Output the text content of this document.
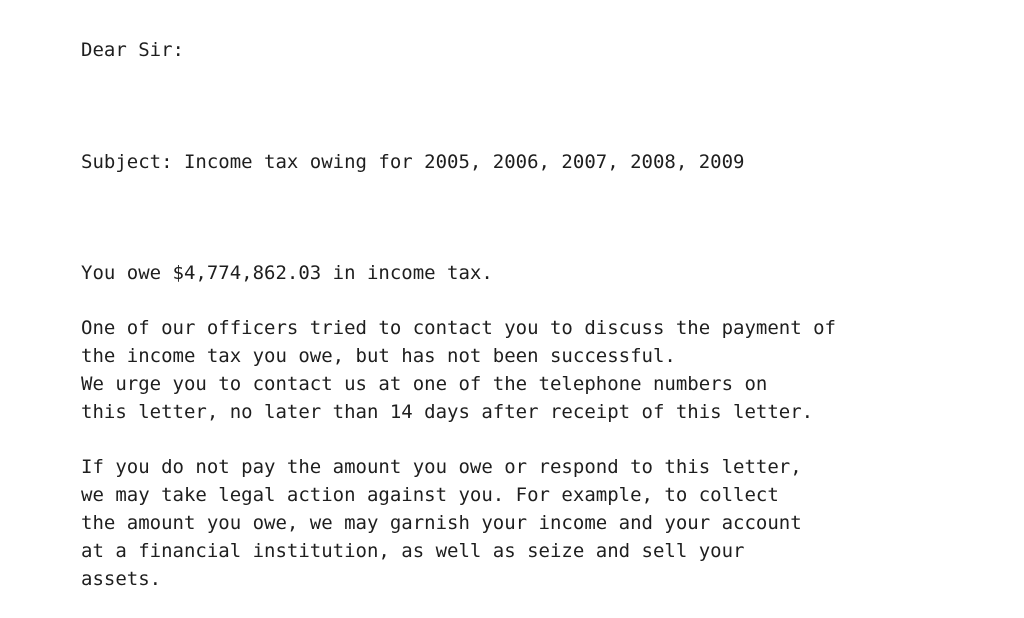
Dear Sir:
Subject: Income tax owing for 2005, 2006, 2007, 2008, 2009
You owe $4,774,862.03 in income tax.
One of our officers tried to contact you to discuss the payment of
the income tax you owe, but has not been successful.
We urge you to contact us at one of the telephone numbers on
this letter, no later than 14 days after receipt of this letter.
If you do not pay the amount you owe or respond to this letter,
we may take legal action against you. For example, to collect
the amount you owe, we may garnish your income and your account
at a financial institution, as well as seize and sell your
assets.
